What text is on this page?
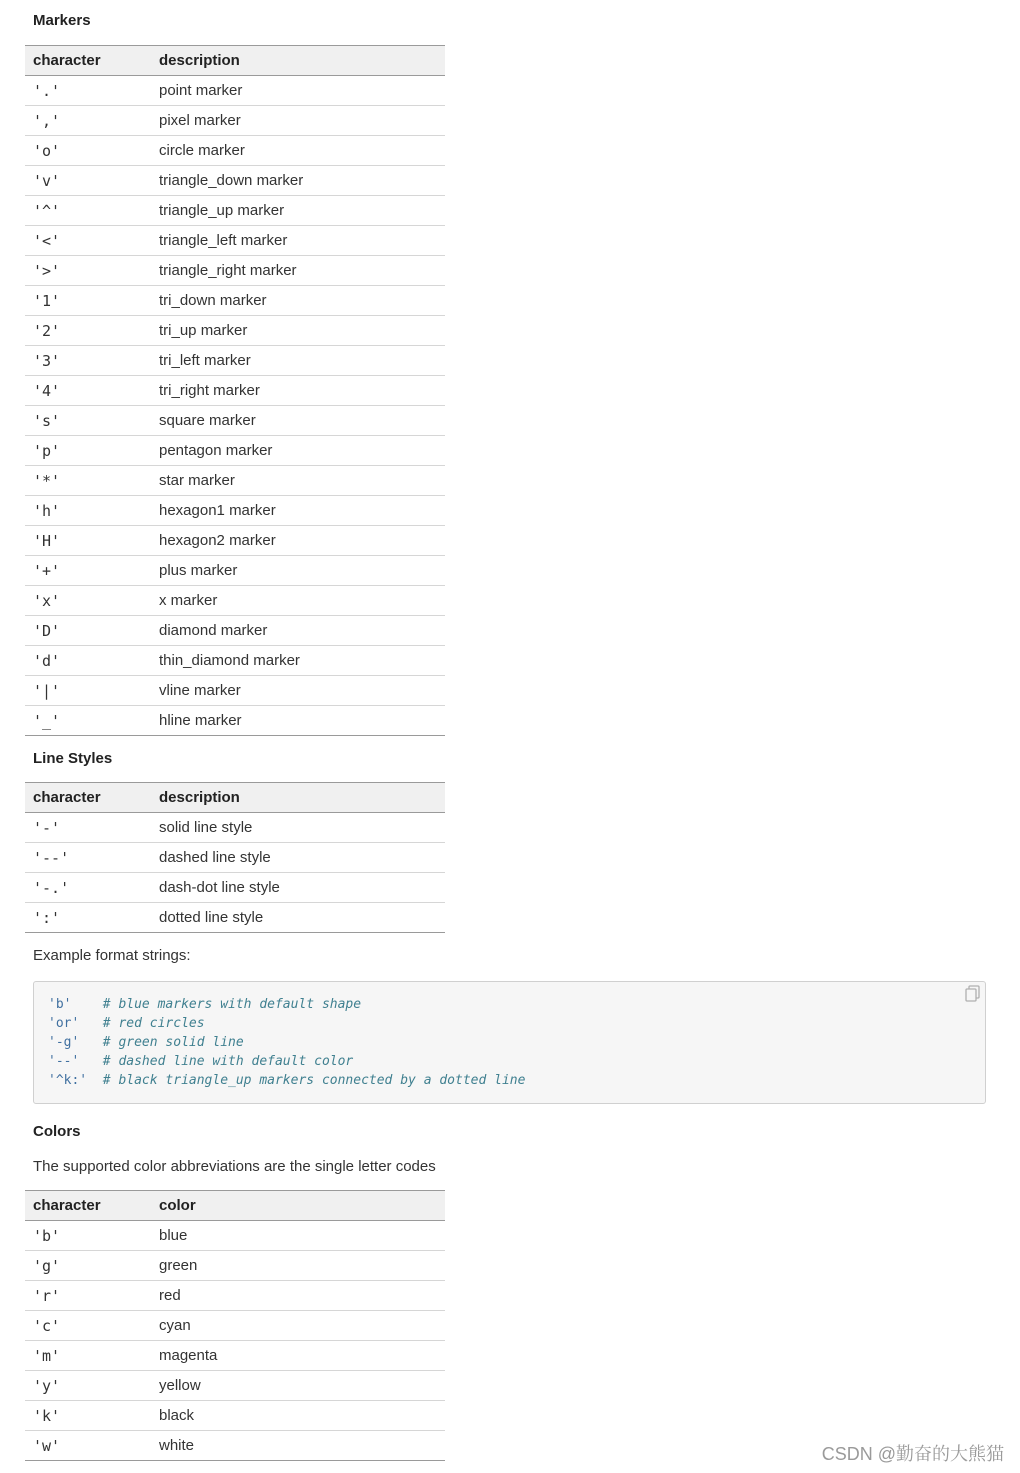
Markers
character	description
'.'	point marker
','	pixel marker
'o'	circle marker
'v'	triangle_down marker
'^'	triangle_up marker
'<'	triangle_left marker
'>'	triangle_right marker
'1'	tri_down marker
'2'	tri_up marker
'3'	tri_left marker
'4'	tri_right marker
's'	square marker
'p'	pentagon marker
'*'	star marker
'h'	hexagon1 marker
'H'	hexagon2 marker
'+'	plus marker
'x'	x marker
'D'	diamond marker
'd'	thin_diamond marker
'|'	vline marker
'_'	hline marker
Line Styles
character	description
'-'	solid line style
'--'	dashed line style
'-.'	dash-dot line style
':'	dotted line style
Example format strings:
'b' # blue markers with default shape
'or' # red circles
'-g' # green solid line
'--' # dashed line with default color
'^k:' # black triangle_up markers connected by a dotted line
Colors
The supported color abbreviations are the single letter codes
character	color
'b'	blue
'g'	green
'r'	red
'c'	cyan
'm'	magenta
'y'	yellow
'k'	black
'w'	white	CSDN @勤奋的大熊猫
